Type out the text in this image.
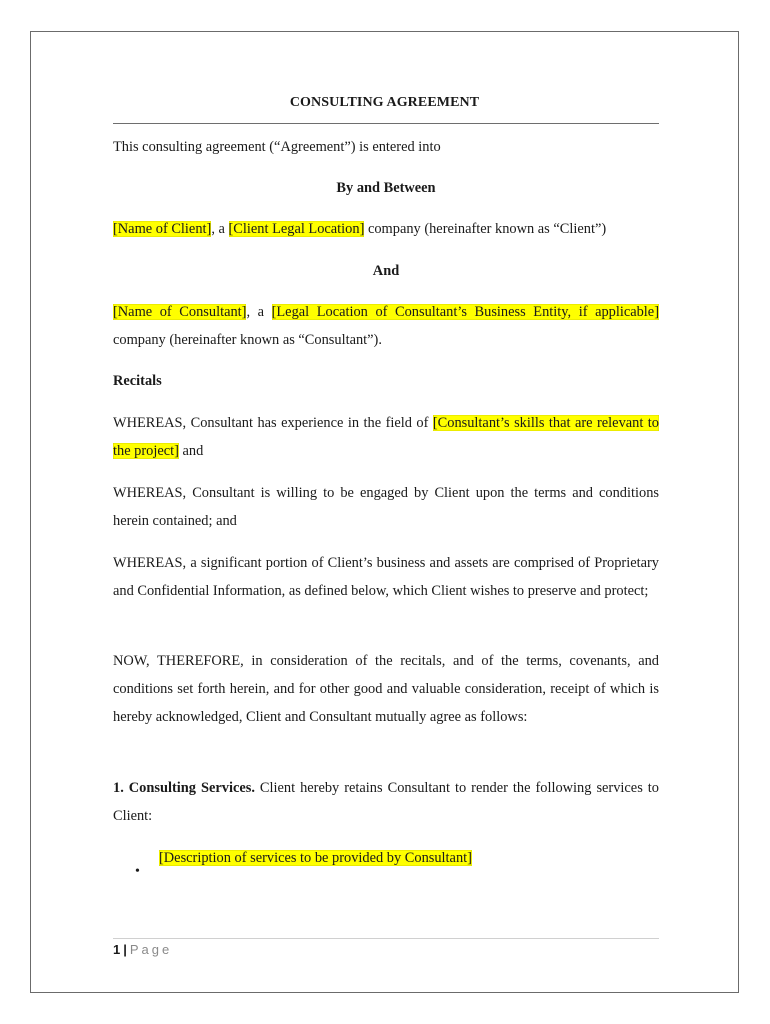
CONSULTING AGREEMENT

This consulting agreement (“Agreement”) is entered into

By and Between

[Name of Client], a [Client Legal Location] company (hereinafter known as “Client”)

And

[Name of Consultant], a [Legal Location of Consultant’s Business Entity, if applicable] company (hereinafter known as “Consultant”).

Recitals

WHEREAS, Consultant has experience in the field of [Consultant’s skills that are relevant to the project] and

WHEREAS, Consultant is willing to be engaged by Client upon the terms and conditions herein contained; and

WHEREAS, a significant portion of Client’s business and assets are comprised of Proprietary and Confidential Information, as defined below, which Client wishes to preserve and protect;

NOW, THEREFORE, in consideration of the recitals, and of the terms, covenants, and conditions set forth herein, and for other good and valuable consideration, receipt of which is hereby acknowledged, Client and Consultant mutually agree as follows:

1. Consulting Services. Client hereby retains Consultant to render the following services to Client:

•

[Description of services to be provided by Consultant]

1 | Page
